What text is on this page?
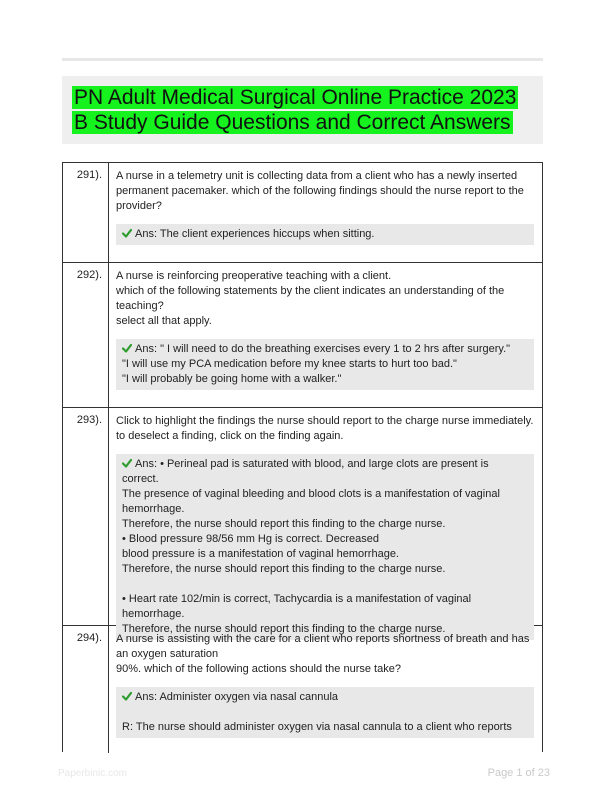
PN Adult Medical Surgical Online Practice 2023 B Study Guide Questions and Correct Answers
291).	A nurse in a telemetry unit is collecting data from a client who has a newly inserted permanent pacemaker. which of the following findings should the nurse report to the provider?
Ans: The client experiences hiccups when sitting.
292).	A nurse is reinforcing preoperative teaching with a client.
which of the following statements by the client indicates an understanding of the teaching?
select all that apply.
Ans: " I will need to do the breathing exercises every 1 to 2 hrs after surgery."
"I will use my PCA medication before my knee starts to hurt too bad."
"I will probably be going home with a walker."
293).	Click to highlight the findings the nurse should report to the charge nurse immediately. to deselect a finding, click on the finding again.
Ans: • Perineal pad is saturated with blood, and large clots are present is correct.
The presence of vaginal bleeding and blood clots is a manifestation of vaginal hemorrhage.
Therefore, the nurse should report this finding to the charge nurse.
• Blood pressure 98/56 mm Hg is correct. Decreased
blood pressure is a manifestation of vaginal hemorrhage.
Therefore, the nurse should report this finding to the charge nurse.

• Heart rate 102/min is correct, Tachycardia is a manifestation of vaginal hemorrhage.
Therefore, the nurse should report this finding to the charge nurse.
294).	A nurse is assisting with the care for a client who reports shortness of breath and has an oxygen saturation
90%. which of the following actions should the nurse take?
Ans: Administer oxygen via nasal cannula

R: The nurse should administer oxygen via nasal cannula to a client who reports
Paperbinic.com	Page 1 of 23
